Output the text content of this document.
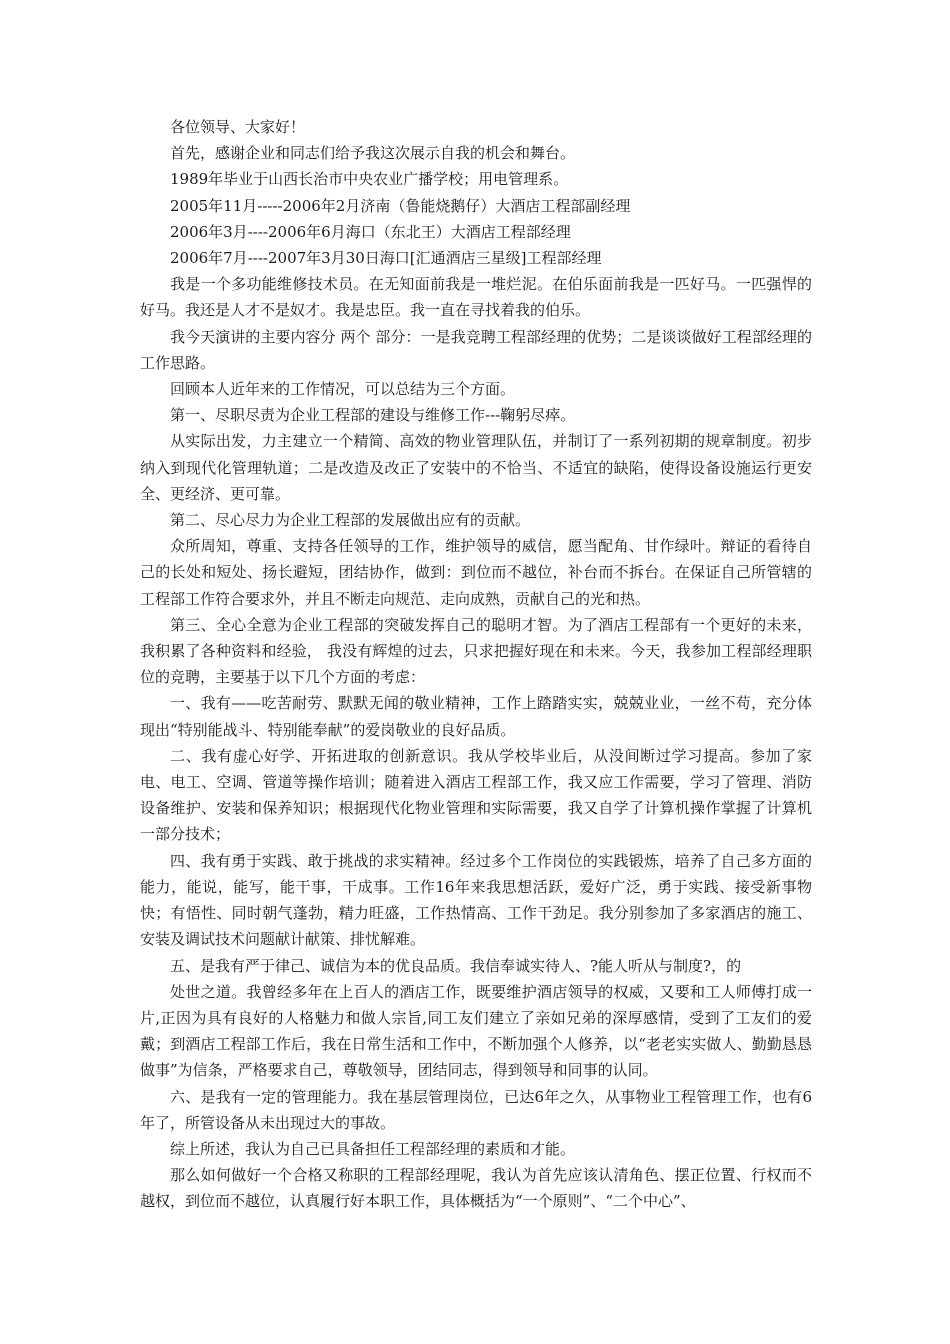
各位领导、大家好！

首先，感谢企业和同志们给予我这次展示自我的机会和舞台。

1989年毕业于山西长治市中央农业广播学校；用电管理系。

2005年11月-----2006年2月济南（鲁能烧鹅仔）大酒店工程部副经理

2006年3月----2006年6月海口（东北王）大酒店工程部经理

2006年7月----2007年3月30日海口[汇通酒店三星级]工程部经理

我是一个多功能维修技术员。在无知面前我是一堆烂泥。在伯乐面前我是一匹好马。一匹强悍的好马。我还是人才不是奴才。我是忠臣。我一直在寻找着我的伯乐。

我今天演讲的主要内容分 两个 部分：一是我竞聘工程部经理的优势；二是谈谈做好工程部经理的工作思路。

回顾本人近年来的工作情况，可以总结为三个方面。

第一、尽职尽责为企业工程部的建设与维修工作---鞠躬尽瘁。

从实际出发，力主建立一个精简、高效的物业管理队伍，并制订了一系列初期的规章制度。初步纳入到现代化管理轨道；二是改造及改正了安装中的不恰当、不适宜的缺陷，使得设备设施运行更安全、更经济、更可靠。

第二、尽心尽力为企业工程部的发展做出应有的贡献。

众所周知，尊重、支持各任领导的工作，维护领导的威信，愿当配角、甘作绿叶。辩证的看待自己的长处和短处、扬长避短，团结协作，做到：到位而不越位，补台而不拆台。在保证自己所管辖的工程部工作符合要求外，并且不断走向规范、走向成熟，贡献自己的光和热。

第三、全心全意为企业工程部的突破发挥自己的聪明才智。为了酒店工程部有一个更好的未来，我积累了各种资料和经验， 我没有辉煌的过去，只求把握好现在和未来。今天，我参加工程部经理职位的竞聘，主要基于以下几个方面的考虑：

一、我有——吃苦耐劳、默默无闻的敬业精神，工作上踏踏实实，兢兢业业，一丝不苟，充分体现出“特别能战斗、特别能奉献”的爱岗敬业的良好品质。

二、我有虚心好学、开拓进取的创新意识。我从学校毕业后，从没间断过学习提高。参加了家电、电工、空调、管道等操作培训；随着进入酒店工程部工作，我又应工作需要，学习了管理、消防设备维护、安装和保养知识；根据现代化物业管理和实际需要，我又自学了计算机操作掌握了计算机一部分技术；

四、我有勇于实践、敢于挑战的求实精神。经过多个工作岗位的实践锻炼，培养了自己多方面的能力，能说，能写，能干事，干成事。工作16年来我思想活跃，爱好广泛，勇于实践、接受新事物快；有悟性、同时朝气蓬勃，精力旺盛，工作热情高、工作干劲足。我分别参加了多家酒店的施工、安装及调试技术问题献计献策、排忧解难。

五、是我有严于律己、诚信为本的优良品质。我信奉诚实待人、?能人听从与制度?，的

处世之道。我曾经多年在上百人的酒店工作，既要维护酒店领导的权威，又要和工人师傅打成一片,正因为具有良好的人格魅力和做人宗旨,同工友们建立了亲如兄弟的深厚感情，受到了工友们的爱戴；到酒店工程部工作后，我在日常生活和工作中，不断加强个人修养，以“老老实实做人、勤勤恳恳做事”为信条，严格要求自己，尊敬领导，团结同志，得到领导和同事的认同。

六、是我有一定的管理能力。我在基层管理岗位，已达6年之久，从事物业工程管理工作，也有6年了，所管设备从未出现过大的事故。

综上所述，我认为自己已具备担任工程部经理的素质和才能。

那么如何做好一个合格又称职的工程部经理呢，我认为首先应该认清角色、摆正位置、行权而不越权，到位而不越位，认真履行好本职工作，具体概括为“一个原则”、“二个中心”、
